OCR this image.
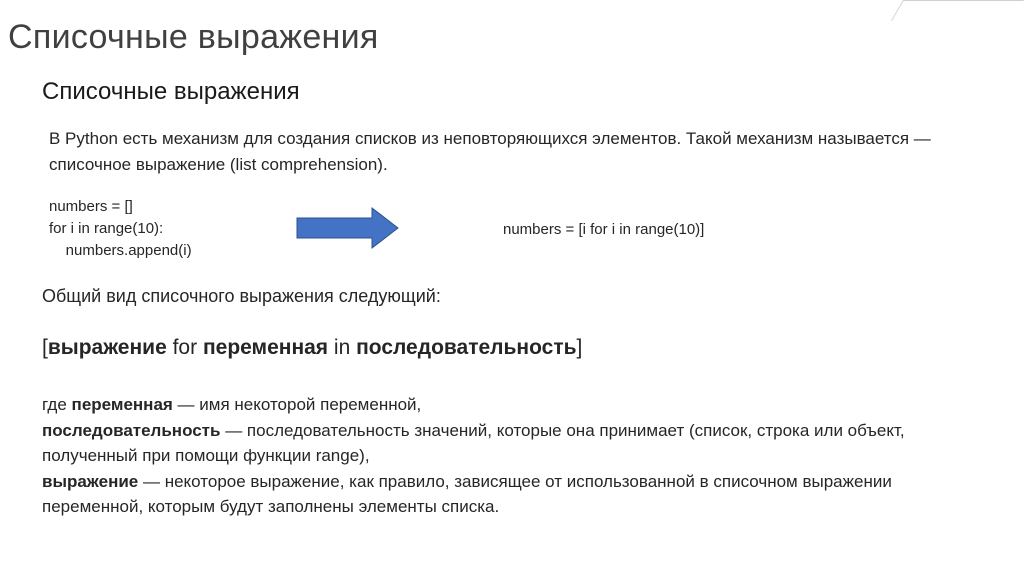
Списочные выражения
Списочные выражения

В Python есть механизм для создания списков из неповторяющихся элементов. Такой механизм называется — списочное выражение (list comprehension).

numbers = []
for i in range(10):
numbers.append(i)

numbers = [i for i in range(10)]

Общий вид списочного выражения следующий:

[выражение for переменная in последовательность]

где переменная — имя некоторой переменной,
последовательность — последовательность значений, которые она принимает (список, строка или объект, полученный при помощи функции range),
выражение — некоторое выражение, как правило, зависящее от использованной в списочном выражении переменной, которым будут заполнены элементы списка.
